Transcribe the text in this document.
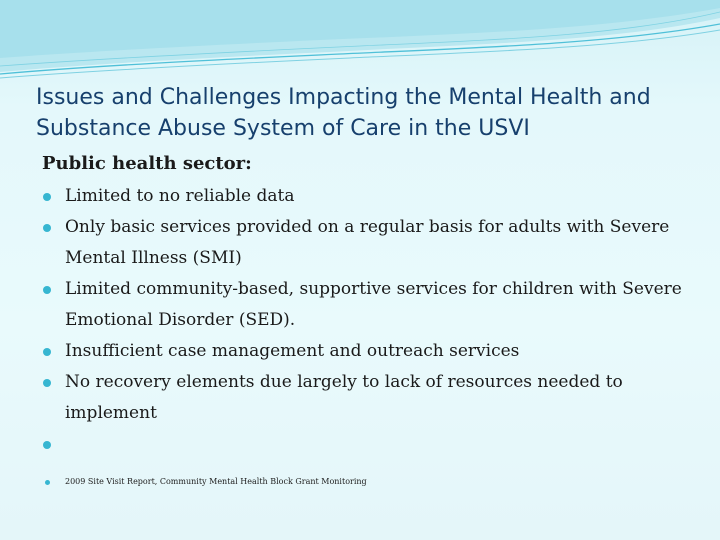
Issues and Challenges Impacting the Mental Health and Substance Abuse System of Care in the USVI
Public health sector:
Limited to no reliable data
Only basic services provided on a regular basis for adults with Severe Mental Illness (SMI)
Limited community-based, supportive services for children with Severe Emotional Disorder (SED).
Insufficient case management and outreach services
No recovery elements due largely to lack of resources needed to implement
2009 Site Visit Report, Community Mental Health Block Grant Monitoring
